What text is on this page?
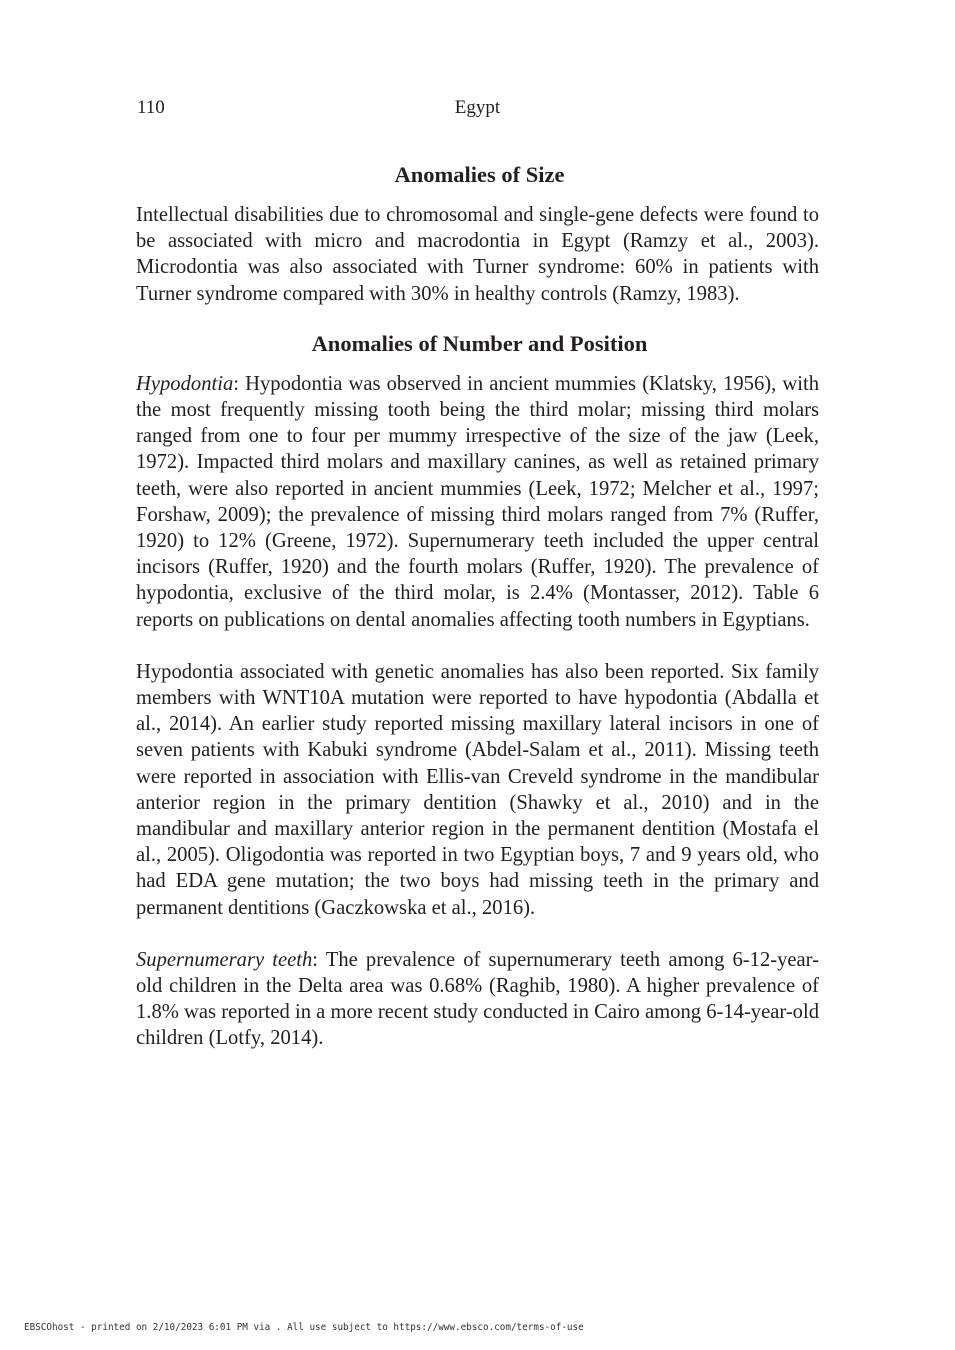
110	Egypt
Anomalies of Size

Intellectual disabilities due to chromosomal and single-gene defects were found to be associated with micro and macrodontia in Egypt (Ramzy et al., 2003). Microdontia was also associated with Turner syndrome: 60% in patients with Turner syndrome compared with 30% in healthy controls (Ramzy, 1983).

Anomalies of Number and Position

Hypodontia: Hypodontia was observed in ancient mummies (Klatsky, 1956), with the most frequently missing tooth being the third molar; missing third molars ranged from one to four per mummy irrespective of the size of the jaw (Leek, 1972). Impacted third molars and maxillary canines, as well as retained primary teeth, were also reported in ancient mummies (Leek, 1972; Melcher et al., 1997; Forshaw, 2009); the prevalence of missing third molars ranged from 7% (Ruffer, 1920) to 12% (Greene, 1972). Supernumerary teeth included the upper central incisors (Ruffer, 1920) and the fourth molars (Ruffer, 1920). The prevalence of hypodontia, exclusive of the third molar, is 2.4% (Montasser, 2012). Table 6 reports on publications on dental anomalies affecting tooth numbers in Egyptians.

Hypodontia associated with genetic anomalies has also been reported. Six family members with WNT10A mutation were reported to have hypodontia (Abdalla et al., 2014). An earlier study reported missing maxillary lateral incisors in one of seven patients with Kabuki syndrome (Abdel-Salam et al., 2011). Missing teeth were reported in association with Ellis-van Creveld syndrome in the mandibular anterior region in the primary dentition (Shawky et al., 2010) and in the mandibular and maxillary anterior region in the permanent dentition (Mostafa el al., 2005). Oligodontia was reported in two Egyptian boys, 7 and 9 years old, who had EDA gene mutation; the two boys had missing teeth in the primary and permanent dentitions (Gaczkowska et al., 2016).

Supernumerary teeth: The prevalence of supernumerary teeth among 6-12-year-old children in the Delta area was 0.68% (Raghib, 1980). A higher prevalence of 1.8% was reported in a more recent study conducted in Cairo among 6-14-year-old children (Lotfy, 2014).

EBSCOhost - printed on 2/10/2023 6:01 PM via . All use subject to https://www.ebsco.com/terms-of-use
